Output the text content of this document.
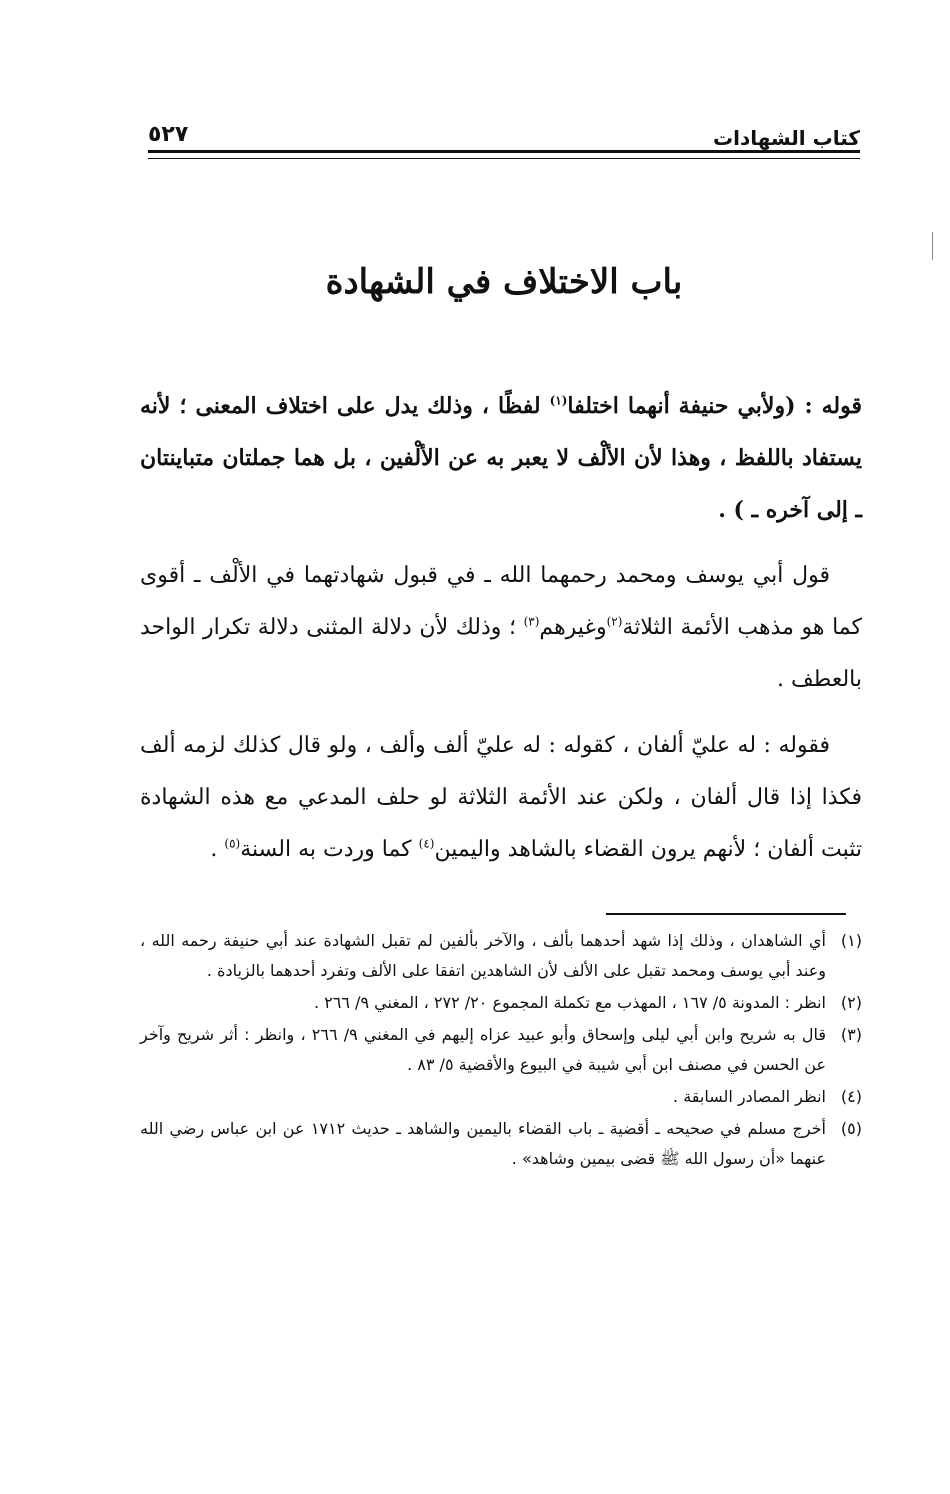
كتاب الشهادات
٥٢٧
باب الاختلاف في الشهادة

قوله : (ولأبي حنيفة أنهما اختلفا$^{(١)}$ لفظًا ، وذلك يدل على اختلاف المعنى ؛ لأنه يستفاد باللفظ ، وهذا لأن الألْف لا يعبر به عن الألْفين ، بل هما جملتان متباينتان ـ إلى آخره ـ ) .

قول أبي يوسف ومحمد رحمهما الله ـ في قبول شهادتهما في الألْف ـ أقوى كما هو مذهب الأئمة الثلاثة$^{(٢)}$وغيرهم$^{(٣)}$ ؛ وذلك لأن دلالة المثنى دلالة تكرار الواحد بالعطف .

فقوله : له عليّ ألفان ، كقوله : له عليّ ألف وألف ، ولو قال كذلك لزمه ألف فكذا إذا قال ألفان ، ولكن عند الأئمة الثلاثة لو حلف المدعي مع هذه الشهادة تثبت ألفان ؛ لأنهم يرون القضاء بالشاهد واليمين$^{(٤)}$ كما وردت به السنة$^{(٥)}$ .

(١)
أي الشاهدان ، وذلك إذا شهد أحدهما بألف ، والآخر بألفين لم تقبل الشهادة عند أبي حنيفة رحمه الله ، وعند أبي يوسف ومحمد تقبل على الألف لأن الشاهدين اتفقا على الألف وتفرد أحدهما بالزيادة .
(٢)
انظر : المدونة ٥/ ١٦٧ ، المهذب مع تكملة المجموع ٢٠/ ٢٧٢ ، المغني ٩/ ٢٦٦ .
(٣)
قال به شريح وابن أبي ليلى وإسحاق وأبو عبيد عزاه إليهم في المغني ٩/ ٢٦٦ ، وانظر : أثر شريح وآخر عن الحسن في مصنف ابن أبي شيبة في البيوع والأقضية ٥/ ٨٣ .
(٤)
انظر المصادر السابقة .
(٥)
أخرج مسلم في صحيحه ـ أقضية ـ باب القضاء باليمين والشاهد ـ حديث ١٧١٢ عن ابن عباس رضي الله عنهما «أن رسول الله ﷺ قضى بيمين وشاهد» .
